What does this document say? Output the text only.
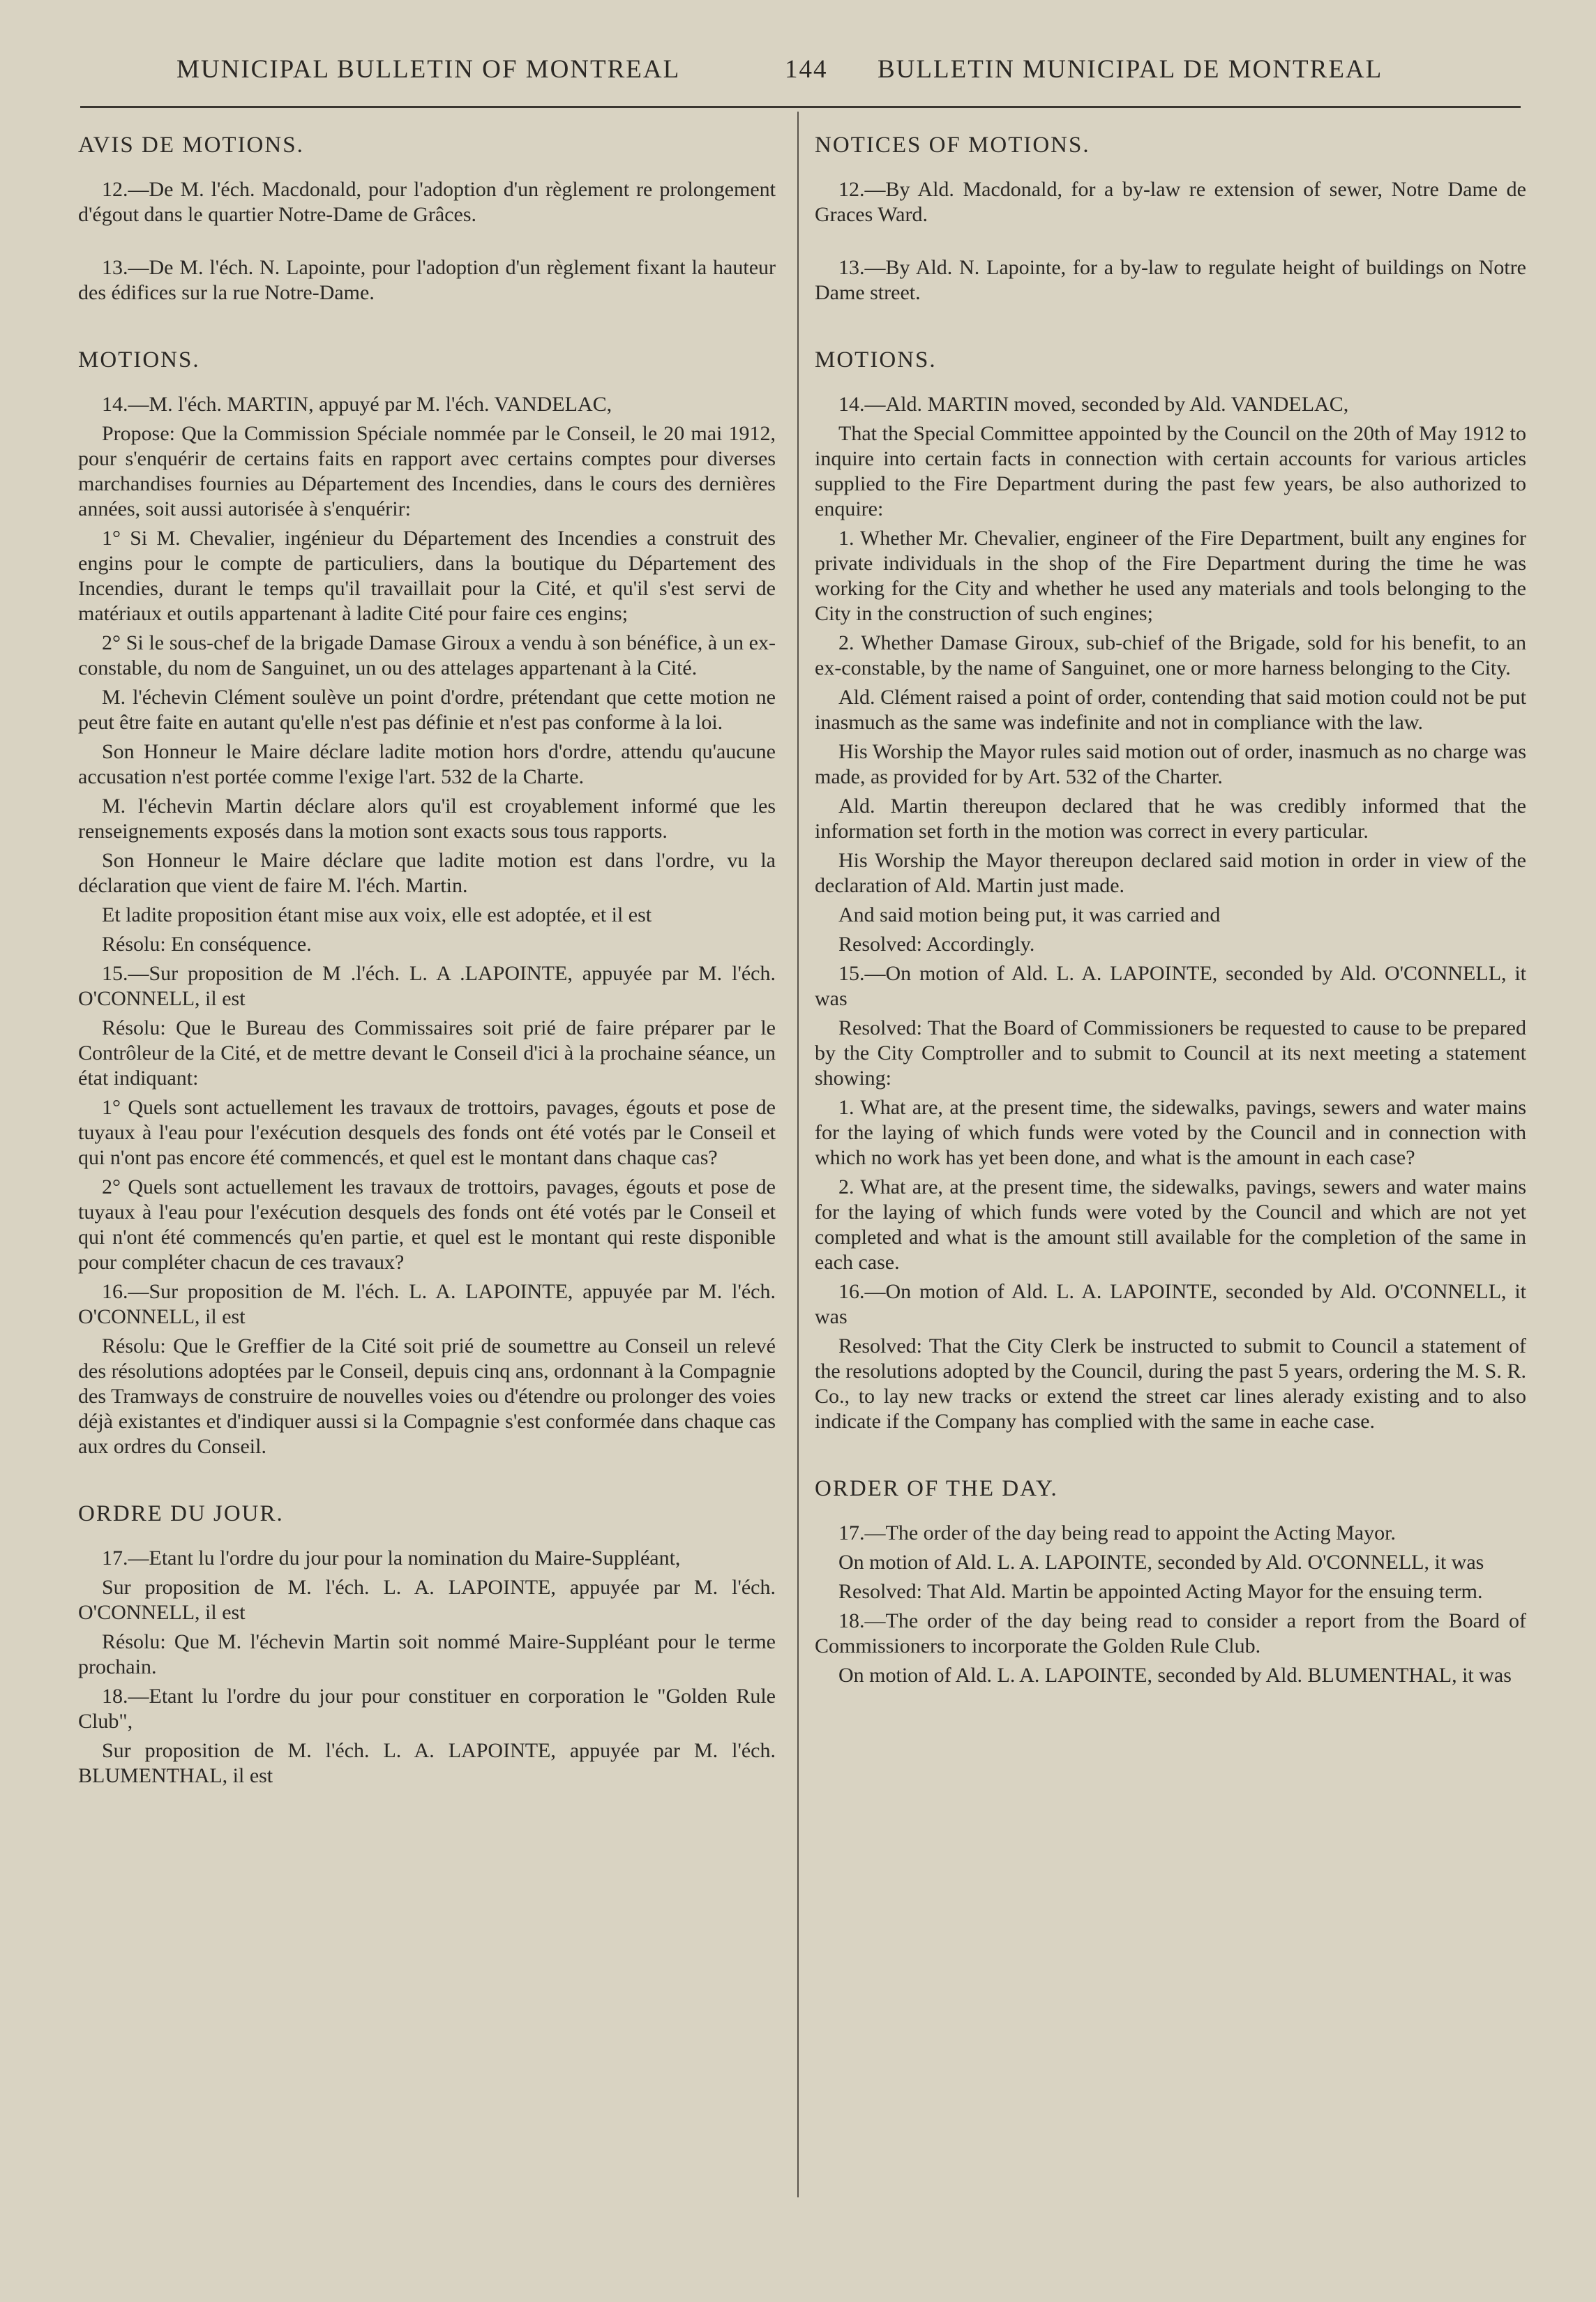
MUNICIPAL BULLETIN OF MONTREAL	144 BULLETIN MUNICIPAL DE MONTREAL
AVIS DE MOTIONS.

12.—De M. l'éch. Macdonald, pour l'adoption d'un règlement re prolongement d'égout dans le quartier Notre-Dame de Grâces.

13.—De M. l'éch. N. Lapointe, pour l'adoption d'un règlement fixant la hauteur des édifices sur la rue Notre-Dame.

MOTIONS.

14.—M. l'éch. MARTIN, appuyé par M. l'éch. VANDELAC,

Propose: Que la Commission Spéciale nommée par le Conseil, le 20 mai 1912, pour s'enquérir de certains faits en rapport avec certains comptes pour diverses marchandises fournies au Département des Incendies, dans le cours des dernières années, soit aussi autorisée à s'enquérir:

1° Si M. Chevalier, ingénieur du Département des Incendies a construit des engins pour le compte de particuliers, dans la boutique du Département des Incendies, durant le temps qu'il travaillait pour la Cité, et qu'il s'est servi de matériaux et outils appartenant à ladite Cité pour faire ces engins;

2° Si le sous-chef de la brigade Damase Giroux a vendu à son bénéfice, à un ex-constable, du nom de Sanguinet, un ou des attelages appartenant à la Cité.

M. l'échevin Clément soulève un point d'ordre, prétendant que cette motion ne peut être faite en autant qu'elle n'est pas définie et n'est pas conforme à la loi.

Son Honneur le Maire déclare ladite motion hors d'ordre, attendu qu'aucune accusation n'est portée comme l'exige l'art. 532 de la Charte.

M. l'échevin Martin déclare alors qu'il est croyablement informé que les renseignements exposés dans la motion sont exacts sous tous rapports.

Son Honneur le Maire déclare que ladite motion est dans l'ordre, vu la déclaration que vient de faire M. l'éch. Martin.

Et ladite proposition étant mise aux voix, elle est adoptée, et il est

Résolu: En conséquence.

15.—Sur proposition de M .l'éch. L. A .LAPOINTE, appuyée par M. l'éch. O'CONNELL, il est

Résolu: Que le Bureau des Commissaires soit prié de faire préparer par le Contrôleur de la Cité, et de mettre devant le Conseil d'ici à la prochaine séance, un état indiquant:

1° Quels sont actuellement les travaux de trottoirs, pavages, égouts et pose de tuyaux à l'eau pour l'exécution desquels des fonds ont été votés par le Conseil et qui n'ont pas encore été commencés, et quel est le montant dans chaque cas?

2° Quels sont actuellement les travaux de trottoirs, pavages, égouts et pose de tuyaux à l'eau pour l'exécution desquels des fonds ont été votés par le Conseil et qui n'ont été commencés qu'en partie, et quel est le montant qui reste disponible pour compléter chacun de ces travaux?

16.—Sur proposition de M. l'éch. L. A. LAPOINTE, appuyée par M. l'éch. O'CONNELL, il est

Résolu: Que le Greffier de la Cité soit prié de soumettre au Conseil un relevé des résolutions adoptées par le Conseil, depuis cinq ans, ordonnant à la Compagnie des Tramways de construire de nouvelles voies ou d'étendre ou prolonger des voies déjà existantes et d'indiquer aussi si la Compagnie s'est conformée dans chaque cas aux ordres du Conseil.

ORDRE DU JOUR.

17.—Etant lu l'ordre du jour pour la nomination du Maire-Suppléant,

Sur proposition de M. l'éch. L. A. LAPOINTE, appuyée par M. l'éch. O'CONNELL, il est

Résolu: Que M. l'échevin Martin soit nommé Maire-Suppléant pour le terme prochain.

18.—Etant lu l'ordre du jour pour constituer en corporation le "Golden Rule Club",

Sur proposition de M. l'éch. L. A. LAPOINTE, appuyée par M. l'éch. BLUMENTHAL, il est

NOTICES OF MOTIONS.

12.—By Ald. Macdonald, for a by-law re extension of sewer, Notre Dame de Graces Ward.

13.—By Ald. N. Lapointe, for a by-law to regulate height of buildings on Notre Dame street.

MOTIONS.

14.—Ald. MARTIN moved, seconded by Ald. VANDELAC,

That the Special Committee appointed by the Council on the 20th of May 1912 to inquire into certain facts in connection with certain accounts for various articles supplied to the Fire Department during the past few years, be also authorized to enquire:

1. Whether Mr. Chevalier, engineer of the Fire Department, built any engines for private individuals in the shop of the Fire Department during the time he was working for the City and whether he used any materials and tools belonging to the City in the construction of such engines;

2. Whether Damase Giroux, sub-chief of the Brigade, sold for his benefit, to an ex-constable, by the name of Sanguinet, one or more harness belonging to the City.

Ald. Clément raised a point of order, contending that said motion could not be put inasmuch as the same was indefinite and not in compliance with the law.

His Worship the Mayor rules said motion out of order, inasmuch as no charge was made, as provided for by Art. 532 of the Charter.

Ald. Martin thereupon declared that he was credibly informed that the information set forth in the motion was correct in every particular.

His Worship the Mayor thereupon declared said motion in order in view of the declaration of Ald. Martin just made.

And said motion being put, it was carried and

Resolved: Accordingly.

15.—On motion of Ald. L. A. LAPOINTE, seconded by Ald. O'CONNELL, it was

Resolved: That the Board of Commissioners be requested to cause to be prepared by the City Comptroller and to submit to Council at its next meeting a statement showing:

1. What are, at the present time, the sidewalks, pavings, sewers and water mains for the laying of which funds were voted by the Council and in connection with which no work has yet been done, and what is the amount in each case?

2. What are, at the present time, the sidewalks, pavings, sewers and water mains for the laying of which funds were voted by the Council and which are not yet completed and what is the amount still available for the completion of the same in each case.

16.—On motion of Ald. L. A. LAPOINTE, seconded by Ald. O'CONNELL, it was

Resolved: That the City Clerk be instructed to submit to Council a statement of the resolutions adopted by the Council, during the past 5 years, ordering the M. S. R. Co., to lay new tracks or extend the street car lines alerady existing and to also indicate if the Company has complied with the same in eache case.

ORDER OF THE DAY.

17.—The order of the day being read to appoint the Acting Mayor.

On motion of Ald. L. A. LAPOINTE, seconded by Ald. O'CONNELL, it was

Resolved: That Ald. Martin be appointed Acting Mayor for the ensuing term.

18.—The order of the day being read to consider a report from the Board of Commissioners to incorporate the Golden Rule Club.

On motion of Ald. L. A. LAPOINTE, seconded by Ald. BLUMENTHAL, it was
